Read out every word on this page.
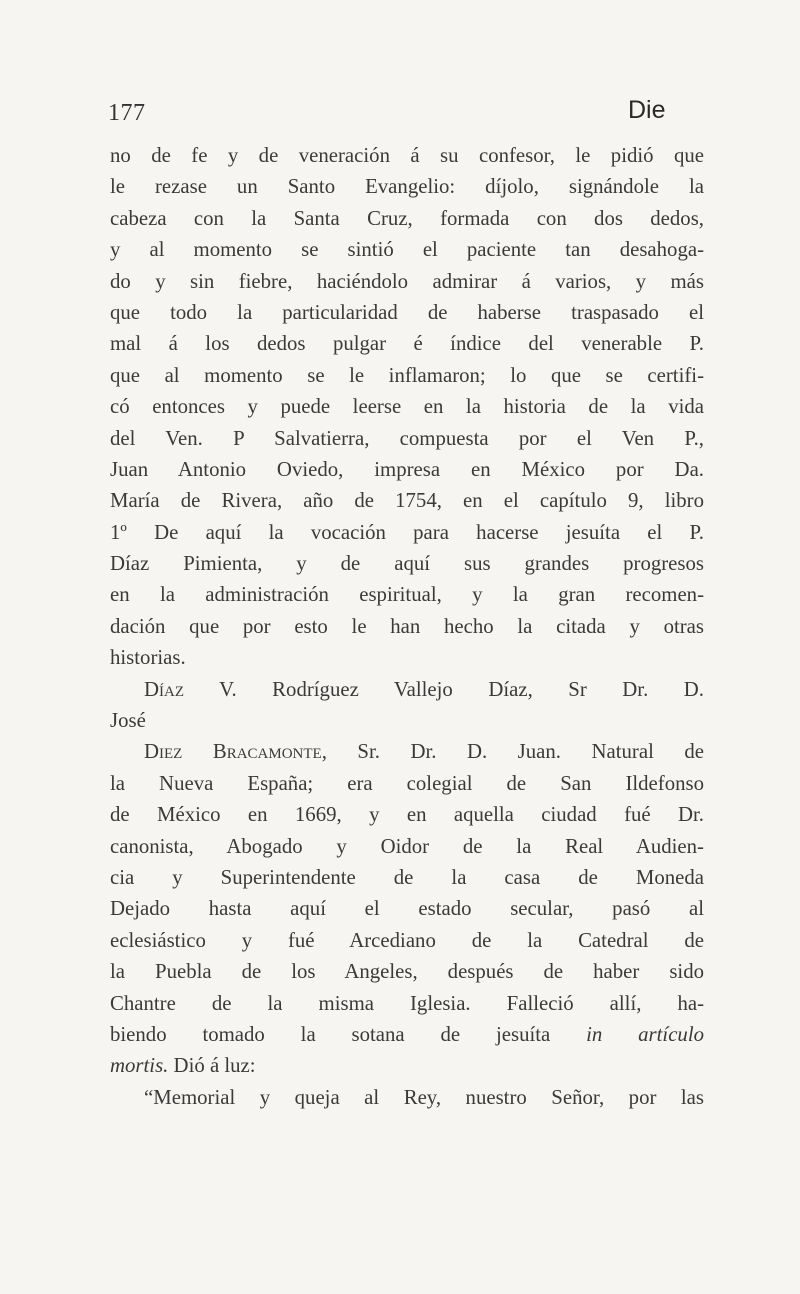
177	Die
no de fe y de veneración á su confesor, le pidió que
le rezase un Santo Evangelio: díjolo, signándole la
cabeza con la Santa Cruz, formada con dos dedos,
y al momento se sintió el paciente tan desahoga-
do y sin fiebre, haciéndolo admirar á varios, y más
que todo la particularidad de haberse traspasado el
mal á los dedos pulgar é índice del venerable P.
que al momento se le inflamaron; lo que se certifi-
có entonces y puede leerse en la historia de la vida
del Ven. P Salvatierra, compuesta por el Ven P.,
Juan Antonio Oviedo, impresa en México por Da.
María de Rivera, año de 1754, en el capítulo 9, libro
1º De aquí la vocación para hacerse jesuíta el P.
Díaz Pimienta, y de aquí sus grandes progresos
en la administración espiritual, y la gran recomen-
dación que por esto le han hecho la citada y otras
historias.
Díaz V. Rodríguez Vallejo Díaz, Sr Dr. D.
José
Diez Bracamonte, Sr. Dr. D. Juan. Natural de
la Nueva España; era colegial de San Ildefonso
de México en 1669, y en aquella ciudad fué Dr.
canonista, Abogado y Oidor de la Real Audien-
cia y Superintendente de la casa de Moneda
Dejado hasta aquí el estado secular, pasó al
eclesiástico y fué Arcediano de la Catedral de
la Puebla de los Angeles, después de haber sido
Chantre de la misma Iglesia. Falleció allí, ha-
biendo tomado la sotana de jesuíta in artículo
mortis. Dió á luz:
“Memorial y queja al Rey, nuestro Señor, por las
